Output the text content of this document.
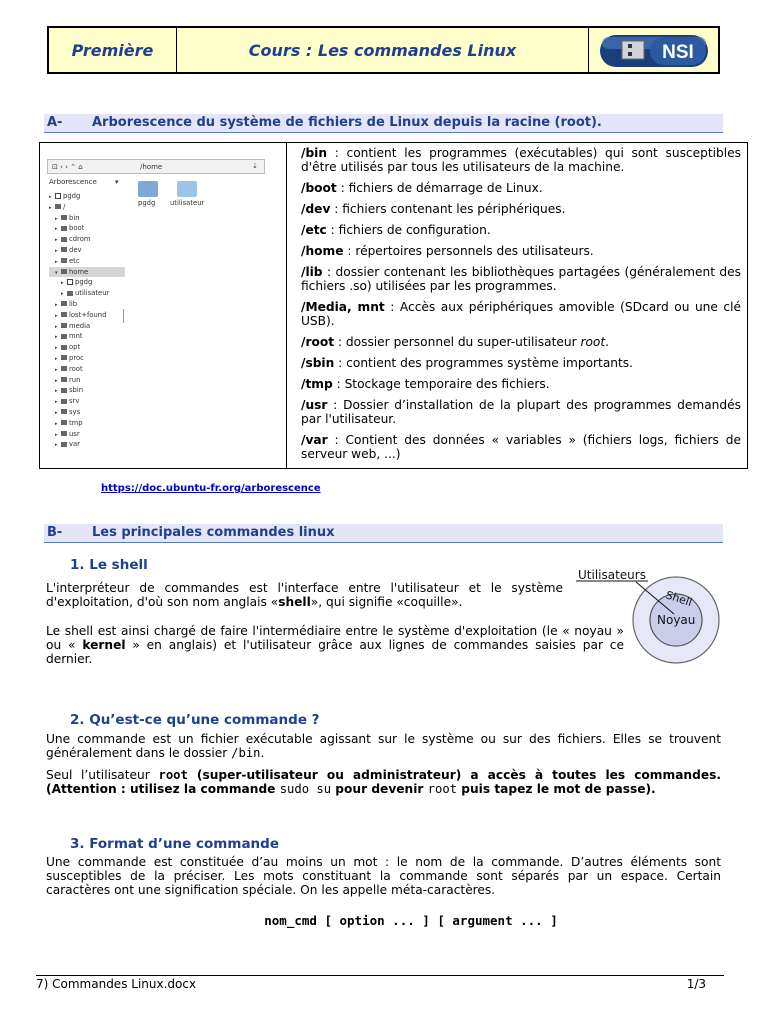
Première	Cours : Les commandes Linux	NSI
A- Arborescence du système de fichiers de Linux depuis la racine (root).
⊡ ‹ › ⌃ ⌂	/home	⇣
Arborescence	▾
▸ pgdg
▸ /
▸ bin
▸ boot
▸ cdrom
▸ dev
▸ etc
▾ home
▸ pgdg
▸ utilisateur
▸ lib
▸ lost+found
▸ media
▸ mnt
▸ opt
▸ proc
▸ root
▸ run
▸ sbin
▸ srv
▸ sys
▸ tmp
▸ usr
▸ var
pgdg utilisateur

/bin : contient les programmes (exécutables) qui sont susceptibles d'être utilisés par tous les utilisateurs de la machine.

/boot : fichiers de démarrage de Linux.

/dev : fichiers contenant les périphériques.

/etc : fichiers de configuration.

/home : répertoires personnels des utilisateurs.

/lib : dossier contenant les bibliothèques partagées (généralement des fichiers .so) utilisées par les programmes.

/Media, mnt : Accès aux périphériques amovible (SDcard ou une clé USB).

/root : dossier personnel du super-utilisateur root.

/sbin : contient des programmes système importants.

/tmp : Stockage temporaire des fichiers.

/usr : Dossier d’installation de la plupart des programmes demandés par l'utilisateur.

/var : Contient des données « variables » (fichiers logs, fichiers de serveur web, ...)

https://doc.ubuntu-fr.org/arborescence
B- Les principales commandes linux
1. Le shell
L'interpréteur de commandes est l'interface entre l'utilisateur et le système d'exploitation, d'où son nom anglais «shell», qui signifie «coquille».
Le shell est ainsi chargé de faire l'intermédiaire entre le système d'exploitation (le « noyau » ou « kernel » en anglais) et l'utilisateur grâce aux lignes de commandes saisies par ce dernier.
Utilisateurs
Shell
Noyau
2. Qu’est-ce qu’une commande ?
Une commande est un fichier exécutable agissant sur le système ou sur des fichiers. Elles se trouvent généralement dans le dossier /bin.
Seul l’utilisateur root (super-utilisateur ou administrateur) a accès à toutes les commandes. (Attention : utilisez la commande sudo su pour devenir root puis tapez le mot de passe).
3. Format d’une commande
Une commande est constituée d’au moins un mot : le nom de la commande. D’autres éléments sont susceptibles de la préciser. Les mots constituant la commande sont séparés par un espace. Certain caractères ont une signification spéciale. On les appelle méta-caractères.
nom_cmd [ option ... ] [ argument ... ]
7) Commandes Linux.docx	1/3
